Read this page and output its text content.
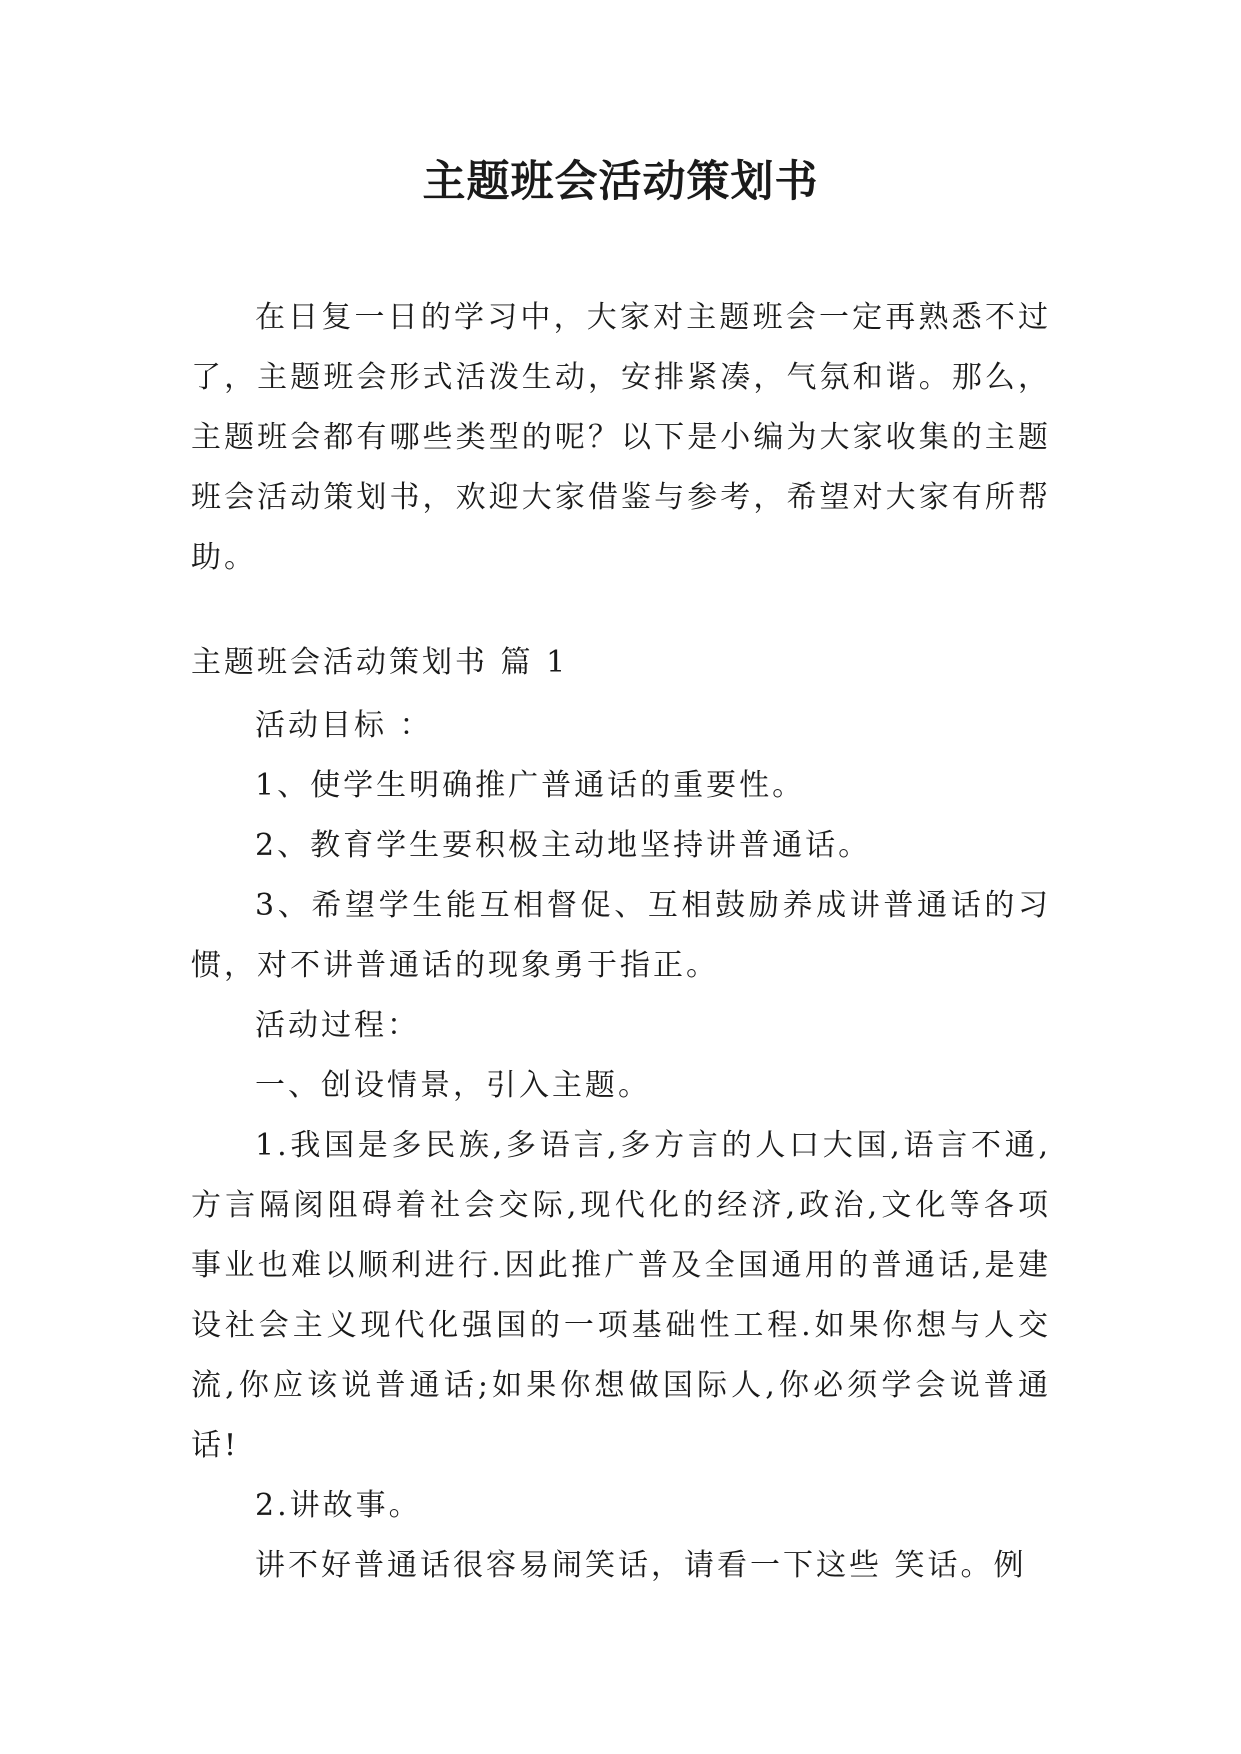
主题班会活动策划书

在日复一日的学习中，大家对主题班会一定再熟悉不过了，主题班会形式活泼生动，安排紧凑，气氛和谐。那么，主题班会都有哪些类型的呢？以下是小编为大家收集的主题班会活动策划书，欢迎大家借鉴与参考，希望对大家有所帮助。

主题班会活动策划书 篇 1

活动目标 ：

1、使学生明确推广普通话的重要性。

2、教育学生要积极主动地坚持讲普通话。

3、希望学生能互相督促、互相鼓励养成讲普通话的习惯，对不讲普通话的现象勇于指正。

活动过程：

一、创设情景，引入主题。

1.我国是多民族,多语言,多方言的人口大国,语言不通,方言隔阂阻碍着社会交际,现代化的经济,政治,文化等各项事业也难以顺利进行.因此推广普及全国通用的普通话,是建设社会主义现代化强国的一项基础性工程.如果你想与人交流,你应该说普通话;如果你想做国际人,你必须学会说普通话!

2.讲故事。

讲不好普通话很容易闹笑话，请看一下这些 笑话。例
